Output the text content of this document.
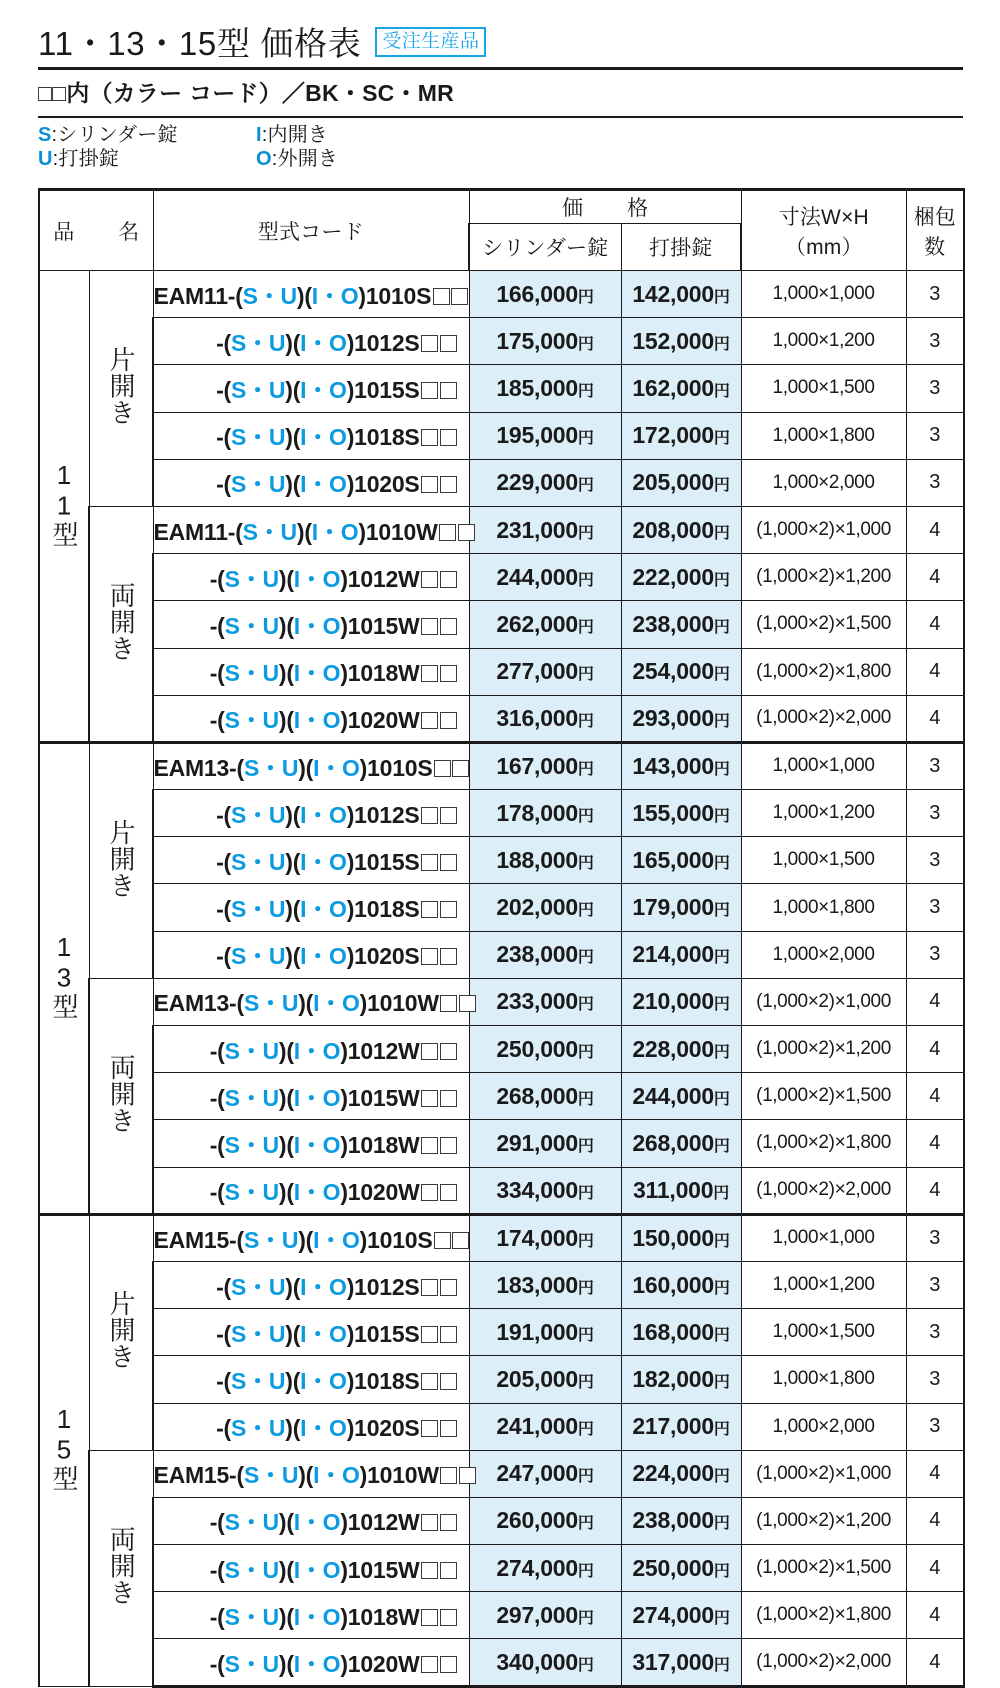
11・13・15型 価格表	受注生産品
□□内（カラー コード）／BK・SC・MR
S:シリンダー錠	I:内開き
U:打掛錠	O:外開き
品　名	型式コード	価　格	寸法W×H
（mm）

梱包
数

			シリンダー錠	打掛錠		
11型	片開き	EAM11-(S・U)(I・O)1010S	166,000円	142,000円	1,000×1,000	3
		-(S・U)(I・O)1012S	175,000円	152,000円	1,000×1,200	3
		-(S・U)(I・O)1015S	185,000円	162,000円	1,000×1,500	3
		-(S・U)(I・O)1018S	195,000円	172,000円	1,000×1,800	3
		-(S・U)(I・O)1020S	229,000円	205,000円	1,000×2,000	3
	両開き	EAM11-(S・U)(I・O)1010W	231,000円	208,000円	(1,000×2)×1,000	4
		-(S・U)(I・O)1012W	244,000円	222,000円	(1,000×2)×1,200	4
		-(S・U)(I・O)1015W	262,000円	238,000円	(1,000×2)×1,500	4
		-(S・U)(I・O)1018W	277,000円	254,000円	(1,000×2)×1,800	4
		-(S・U)(I・O)1020W	316,000円	293,000円	(1,000×2)×2,000	4
13型	片開き	EAM13-(S・U)(I・O)1010S	167,000円	143,000円	1,000×1,000	3
		-(S・U)(I・O)1012S	178,000円	155,000円	1,000×1,200	3
		-(S・U)(I・O)1015S	188,000円	165,000円	1,000×1,500	3
		-(S・U)(I・O)1018S	202,000円	179,000円	1,000×1,800	3
		-(S・U)(I・O)1020S	238,000円	214,000円	1,000×2,000	3
	両開き	EAM13-(S・U)(I・O)1010W	233,000円	210,000円	(1,000×2)×1,000	4
		-(S・U)(I・O)1012W	250,000円	228,000円	(1,000×2)×1,200	4
		-(S・U)(I・O)1015W	268,000円	244,000円	(1,000×2)×1,500	4
		-(S・U)(I・O)1018W	291,000円	268,000円	(1,000×2)×1,800	4
		-(S・U)(I・O)1020W	334,000円	311,000円	(1,000×2)×2,000	4
15型	片開き	EAM15-(S・U)(I・O)1010S	174,000円	150,000円	1,000×1,000	3
		-(S・U)(I・O)1012S	183,000円	160,000円	1,000×1,200	3
		-(S・U)(I・O)1015S	191,000円	168,000円	1,000×1,500	3
		-(S・U)(I・O)1018S	205,000円	182,000円	1,000×1,800	3
		-(S・U)(I・O)1020S	241,000円	217,000円	1,000×2,000	3
	両開き	EAM15-(S・U)(I・O)1010W	247,000円	224,000円	(1,000×2)×1,000	4
		-(S・U)(I・O)1012W	260,000円	238,000円	(1,000×2)×1,200	4
		-(S・U)(I・O)1015W	274,000円	250,000円	(1,000×2)×1,500	4
		-(S・U)(I・O)1018W	297,000円	274,000円	(1,000×2)×1,800	4
		-(S・U)(I・O)1020W	340,000円	317,000円	(1,000×2)×2,000	4
